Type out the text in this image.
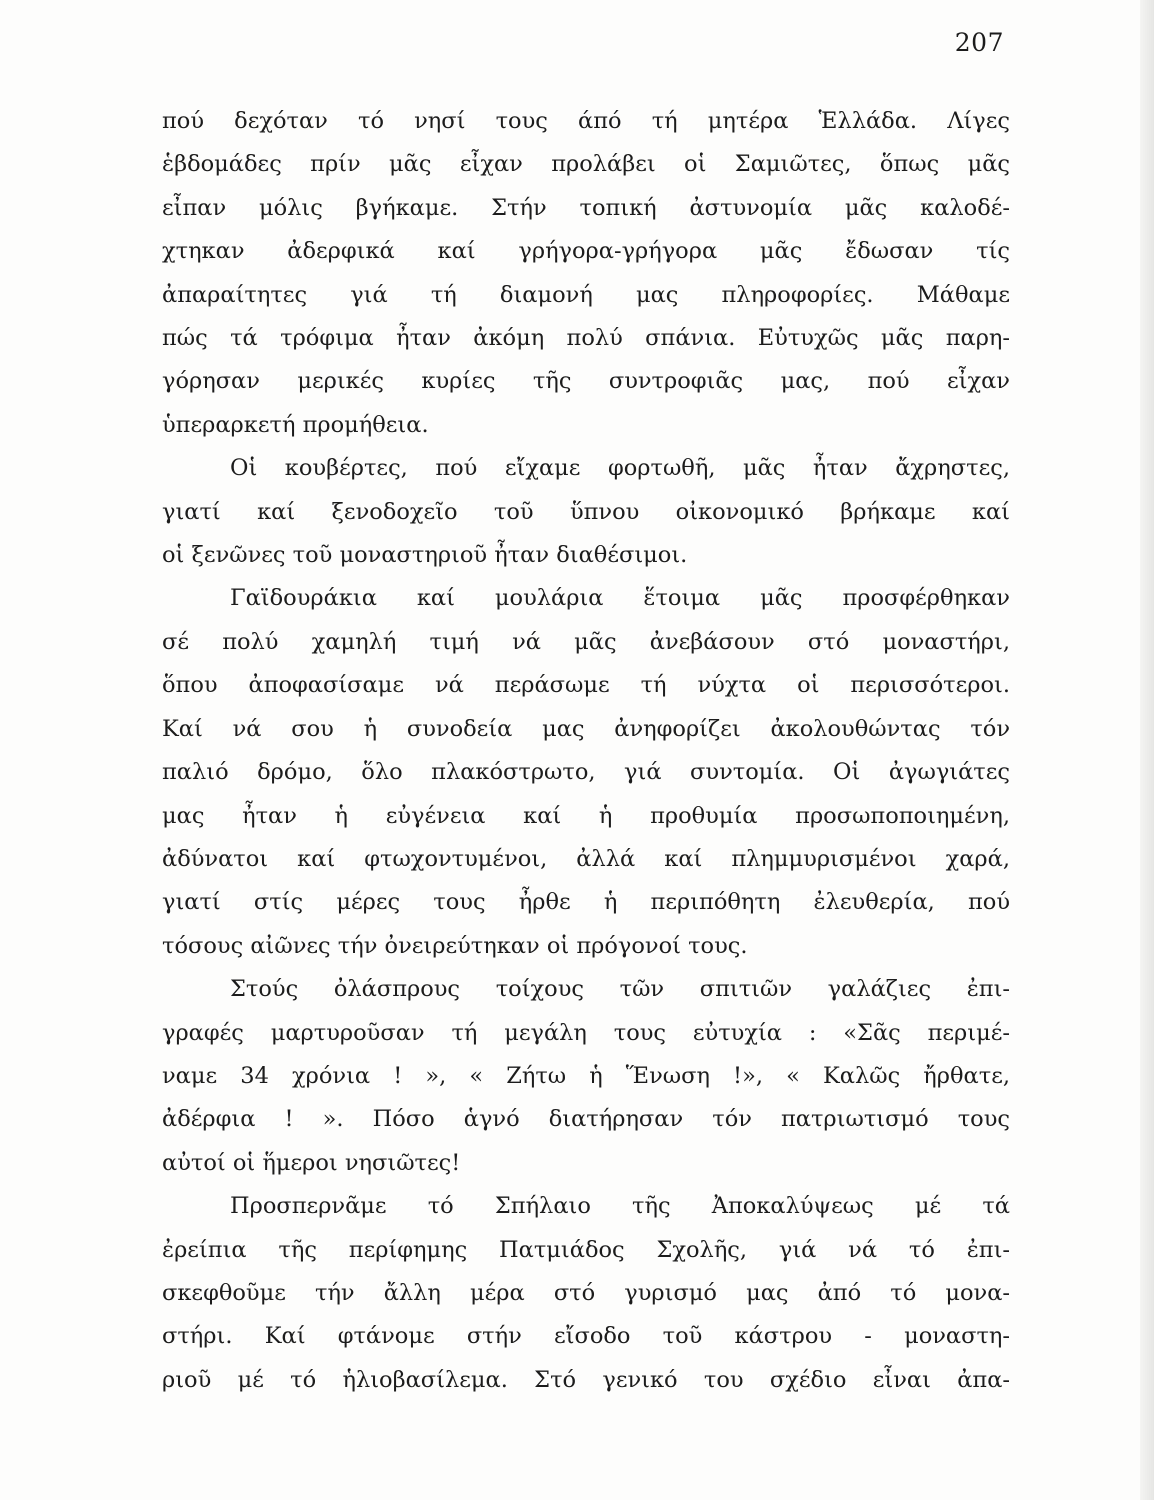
207

πού δεχόταν τό νησί τους άπό τή μητέρα Ἑλλάδα. Λίγες
ἑβδομάδες πρίν μᾶς εἶχαν προλάβει οἱ Σαμιῶτες, ὅπως μᾶς
εἶπαν μόλις βγήκαμε. Στήν τοπική ἀστυνομία μᾶς καλοδέ-
χτηκαν ἀδερφικά καί γρήγορα-γρήγορα μᾶς ἔδωσαν τίς
ἀπαραίτητες γιά τή διαμονή μας πληροφορίες. Μάθαμε
πώς τά τρόφιμα ἦταν ἀκόμη πολύ σπάνια. Εὐτυχῶς μᾶς παρη-
γόρησαν μερικές κυρίες τῆς συντροφιᾶς μας, πού εἶχαν
ὑπεραρκετή προμήθεια.

Οἱ κουβέρτες, πού εἴχαμε φορτωθῆ, μᾶς ἦταν ἄχρηστες,
γιατί καί ξενοδοχεῖο τοῦ ὕπνου οἰκονομικό βρήκαμε καί
οἱ ξενῶνες τοῦ μοναστηριοῦ ἦταν διαθέσιμοι.

Γαϊδουράκια καί μουλάρια ἕτοιμα μᾶς προσφέρθηκαν
σέ πολύ χαμηλή τιμή νά μᾶς ἀνεβάσουν στό μοναστήρι,
ὅπου ἀποφασίσαμε νά περάσωμε τή νύχτα οἱ περισσότεροι.
Καί νά σου ἡ συνοδεία μας ἀνηφορίζει ἀκολουθώντας τόν
παλιό δρόμο, ὅλο πλακόστρωτο, γιά συντομία. Οἱ ἀγωγιάτες
μας ἦταν ἡ εὐγένεια καί ἡ προθυμία προσωποποιημένη,
ἀδύνατοι καί φτωχοντυμένοι, ἀλλά καί πλημμυρισμένοι χαρά,
γιατί στίς μέρες τους ἦρθε ἡ περιπόθητη ἐλευθερία, πού
τόσους αἰῶνες τήν ὀνειρεύτηκαν οἱ πρόγονοί τους.

Στούς ὀλάσπρους τοίχους τῶν σπιτιῶν γαλάζιες ἐπι-
γραφές μαρτυροῦσαν τή μεγάλη τους εὐτυχία : «Σᾶς περιμέ-
ναμε 34 χρόνια ! », « Ζήτω ἡ Ἕνωση !», « Καλῶς ἤρθατε,
ἀδέρφια ! ». Πόσο ἁγνό διατήρησαν τόν πατριωτισμό τους
αὐτοί οἱ ἥμεροι νησιῶτες!

Προσπερνᾶμε τό Σπήλαιο τῆς Ἀποκαλύψεως μέ τά
ἐρείπια τῆς περίφημης Πατμιάδος Σχολῆς, γιά νά τό ἐπι-
σκεφθοῦμε τήν ἄλλη μέρα στό γυρισμό μας ἀπό τό μονα-
στήρι. Καί φτάνομε στήν εἴσοδο τοῦ κάστρου - μοναστη-
ριοῦ μέ τό ἡλιοβασίλεμα. Στό γενικό του σχέδιο εἶναι ἀπα-
